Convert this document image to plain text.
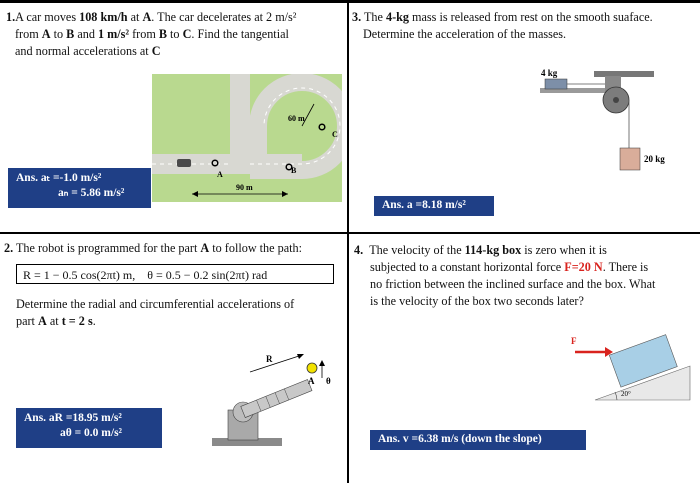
1.A car moves 108 km/h at A. The car decelerates at 2 m/s²
from A to B and 1 m/s² from B to C. Find the tangential
and normal accelerations at C
A	B
C
60 m
90 m
Ans. aₜ =-1.0 m/s²
aₙ = 5.86 m/s²
3. The 4-kg mass is released from rest on the smooth suaface.
Determine the acceleration of the masses.
4 kg
20 kg
Ans. a =8.18 m/s²
2. The robot is programmed for the part A to follow the path:
R = 1 − 0.5 cos(2πt) m, θ = 0.5 − 0.2 sin(2πt) rad
Determine the radial and circumferential accelerations of
part A at t = 2 s.
A
R
θ
Ans. aR =18.95 m/s²
aθ = 0.0 m/s²
4. The velocity of the 114-kg box is zero when it is
subjected to a constant horizontal force F=20 N. There is
no friction between the inclined surface and the box. What
is the velocity of the box two seconds later?
F
20°
Ans. v =6.38 m/s (down the slope)
